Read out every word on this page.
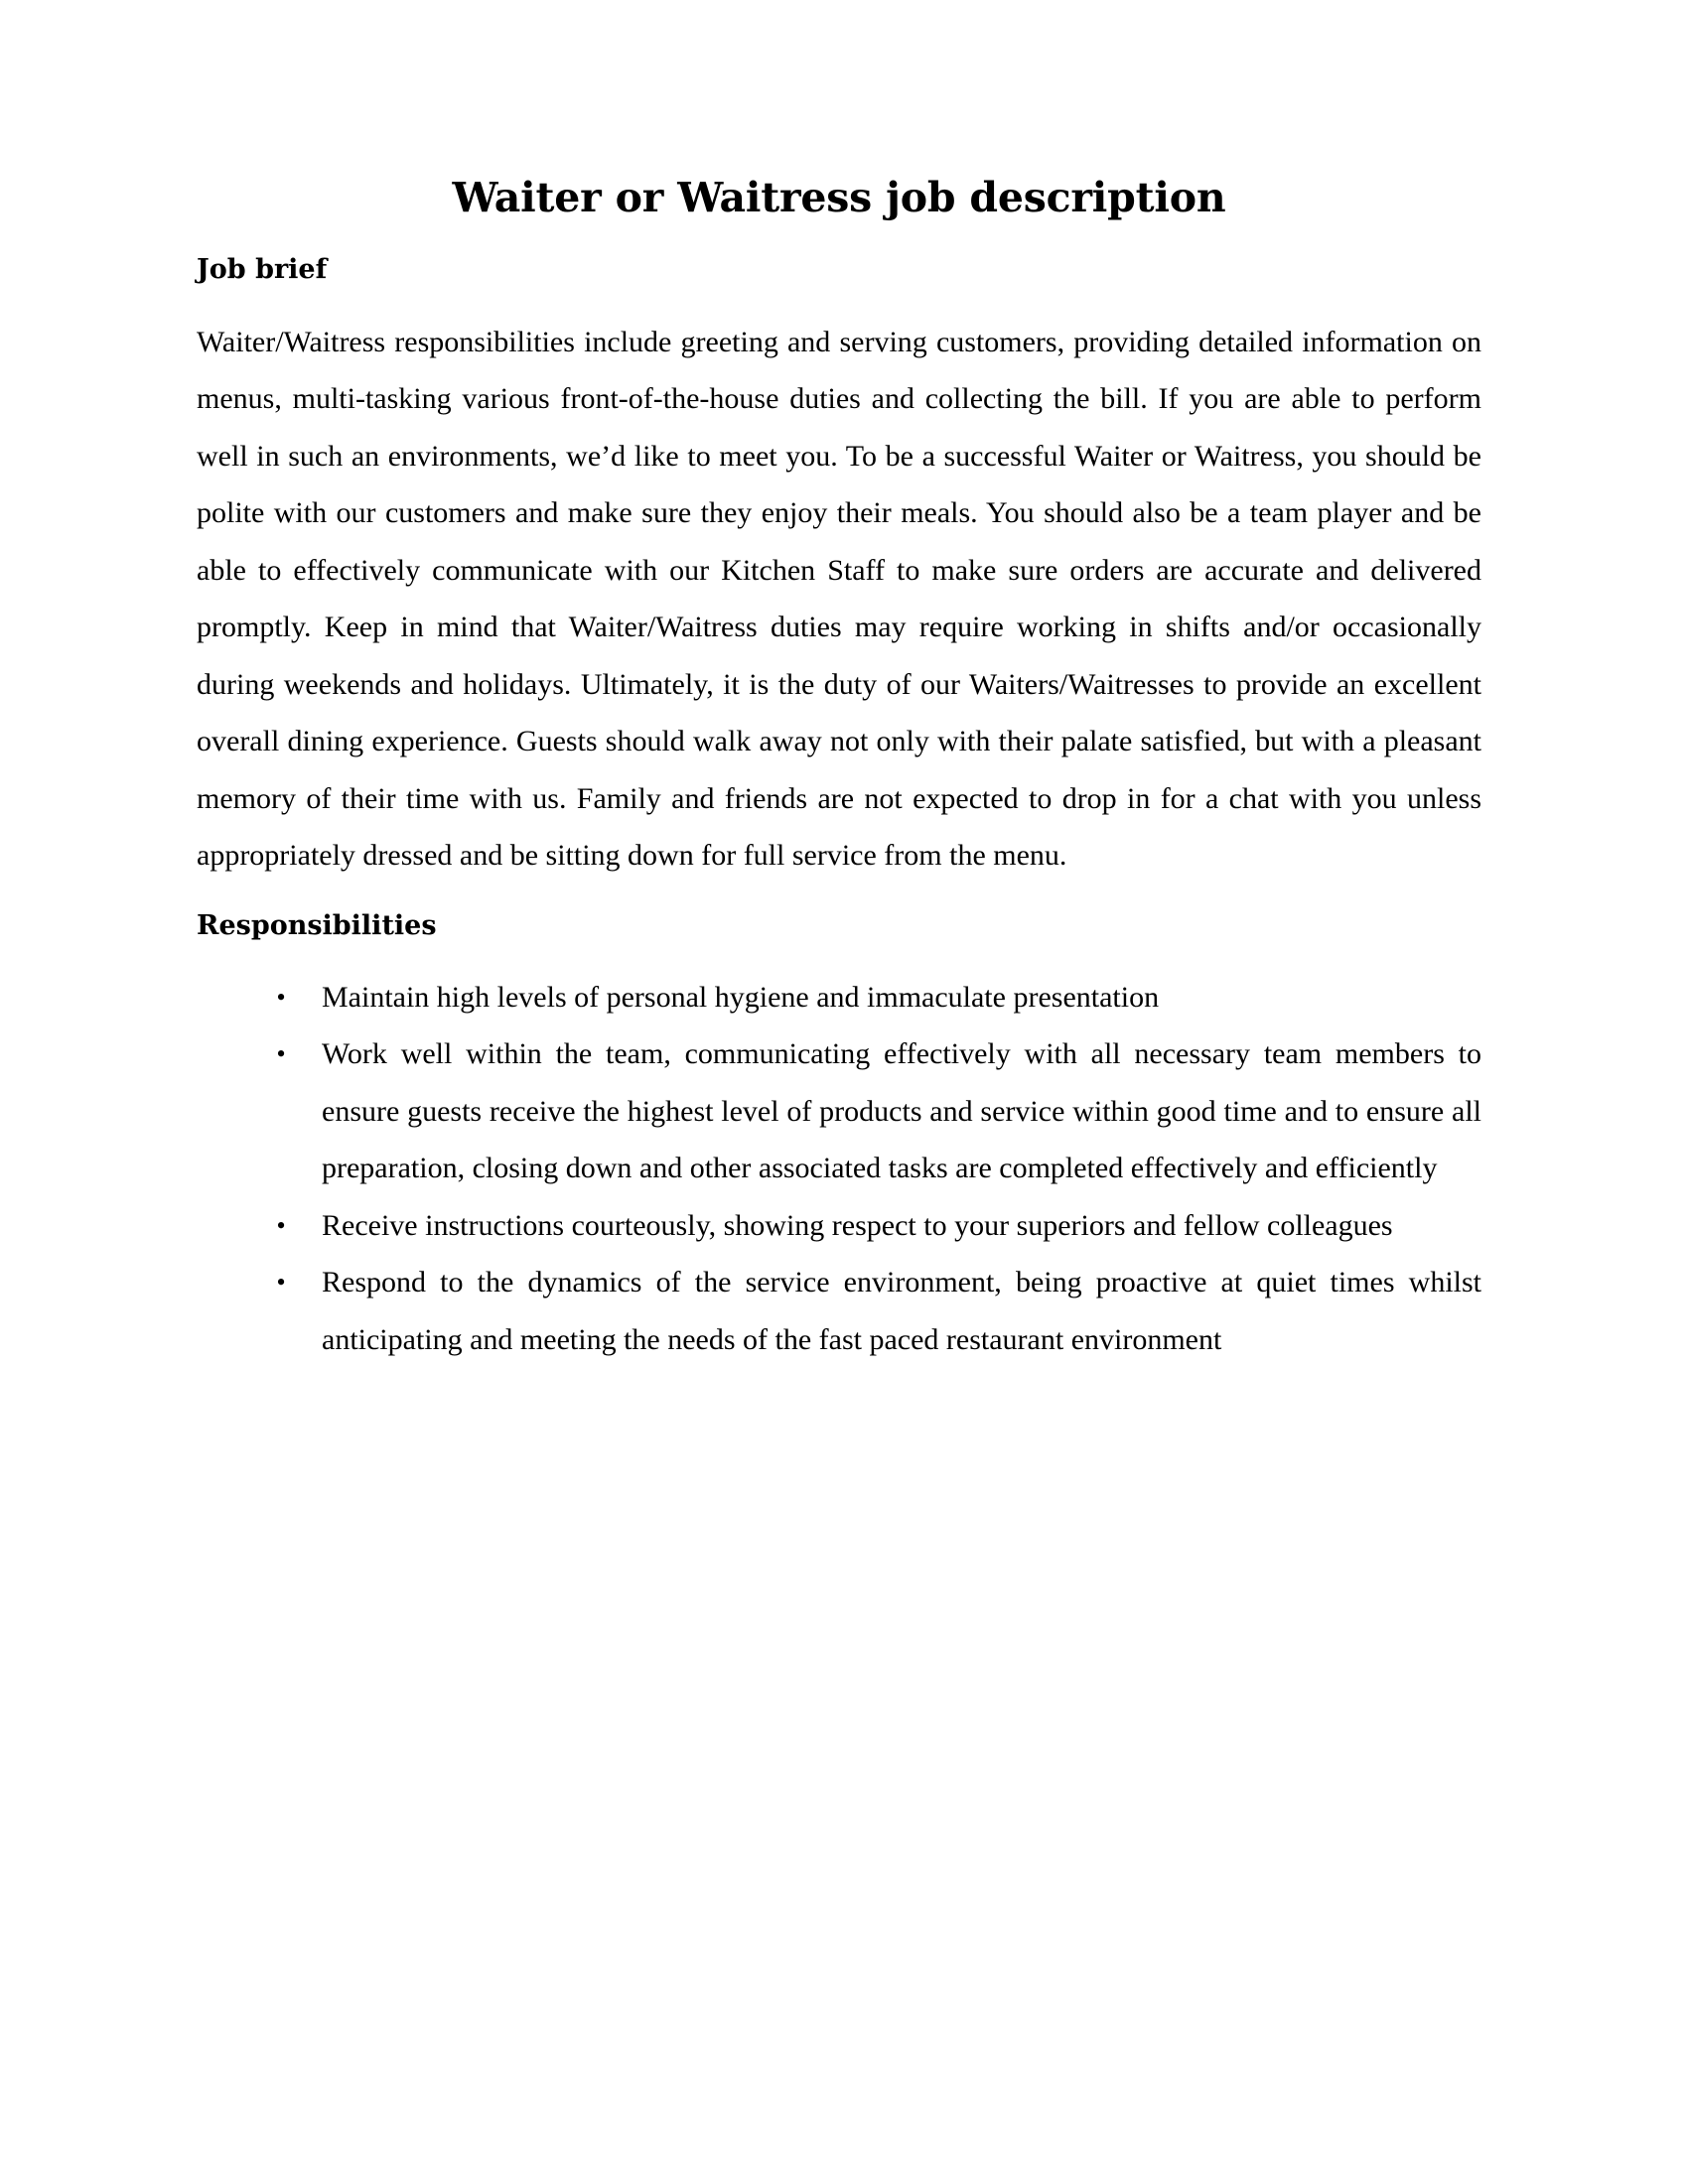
Waiter or Waitress job description
Job brief

Waiter/Waitress responsibilities include greeting and serving customers, providing detailed information on menus, multi-tasking various front-of-the-house duties and collecting the bill. If you are able to perform well in such an environments, we’d like to meet you. To be a successful Waiter or Waitress, you should be polite with our customers and make sure they enjoy their meals. You should also be a team player and be able to effectively communicate with our Kitchen Staff to make sure orders are accurate and delivered promptly. Keep in mind that Waiter/Waitress duties may require working in shifts and/or occasionally during weekends and holidays. Ultimately, it is the duty of our Waiters/Waitresses to provide an excellent overall dining experience. Guests should walk away not only with their palate satisfied, but with a pleasant memory of their time with us. Family and friends are not expected to drop in for a chat with you unless appropriately dressed and be sitting down for full service from the menu.

Responsibilities
• Maintain high levels of personal hygiene and immaculate presentation
• Work well within the team, communicating effectively with all necessary team members to ensure guests receive the highest level of products and service within good time and to ensure all preparation, closing down and other associated tasks are completed effectively and efficiently
• Receive instructions courteously, showing respect to your superiors and fellow colleagues
• Respond to the dynamics of the service environment, being proactive at quiet times whilst anticipating and meeting the needs of the fast paced restaurant environment
